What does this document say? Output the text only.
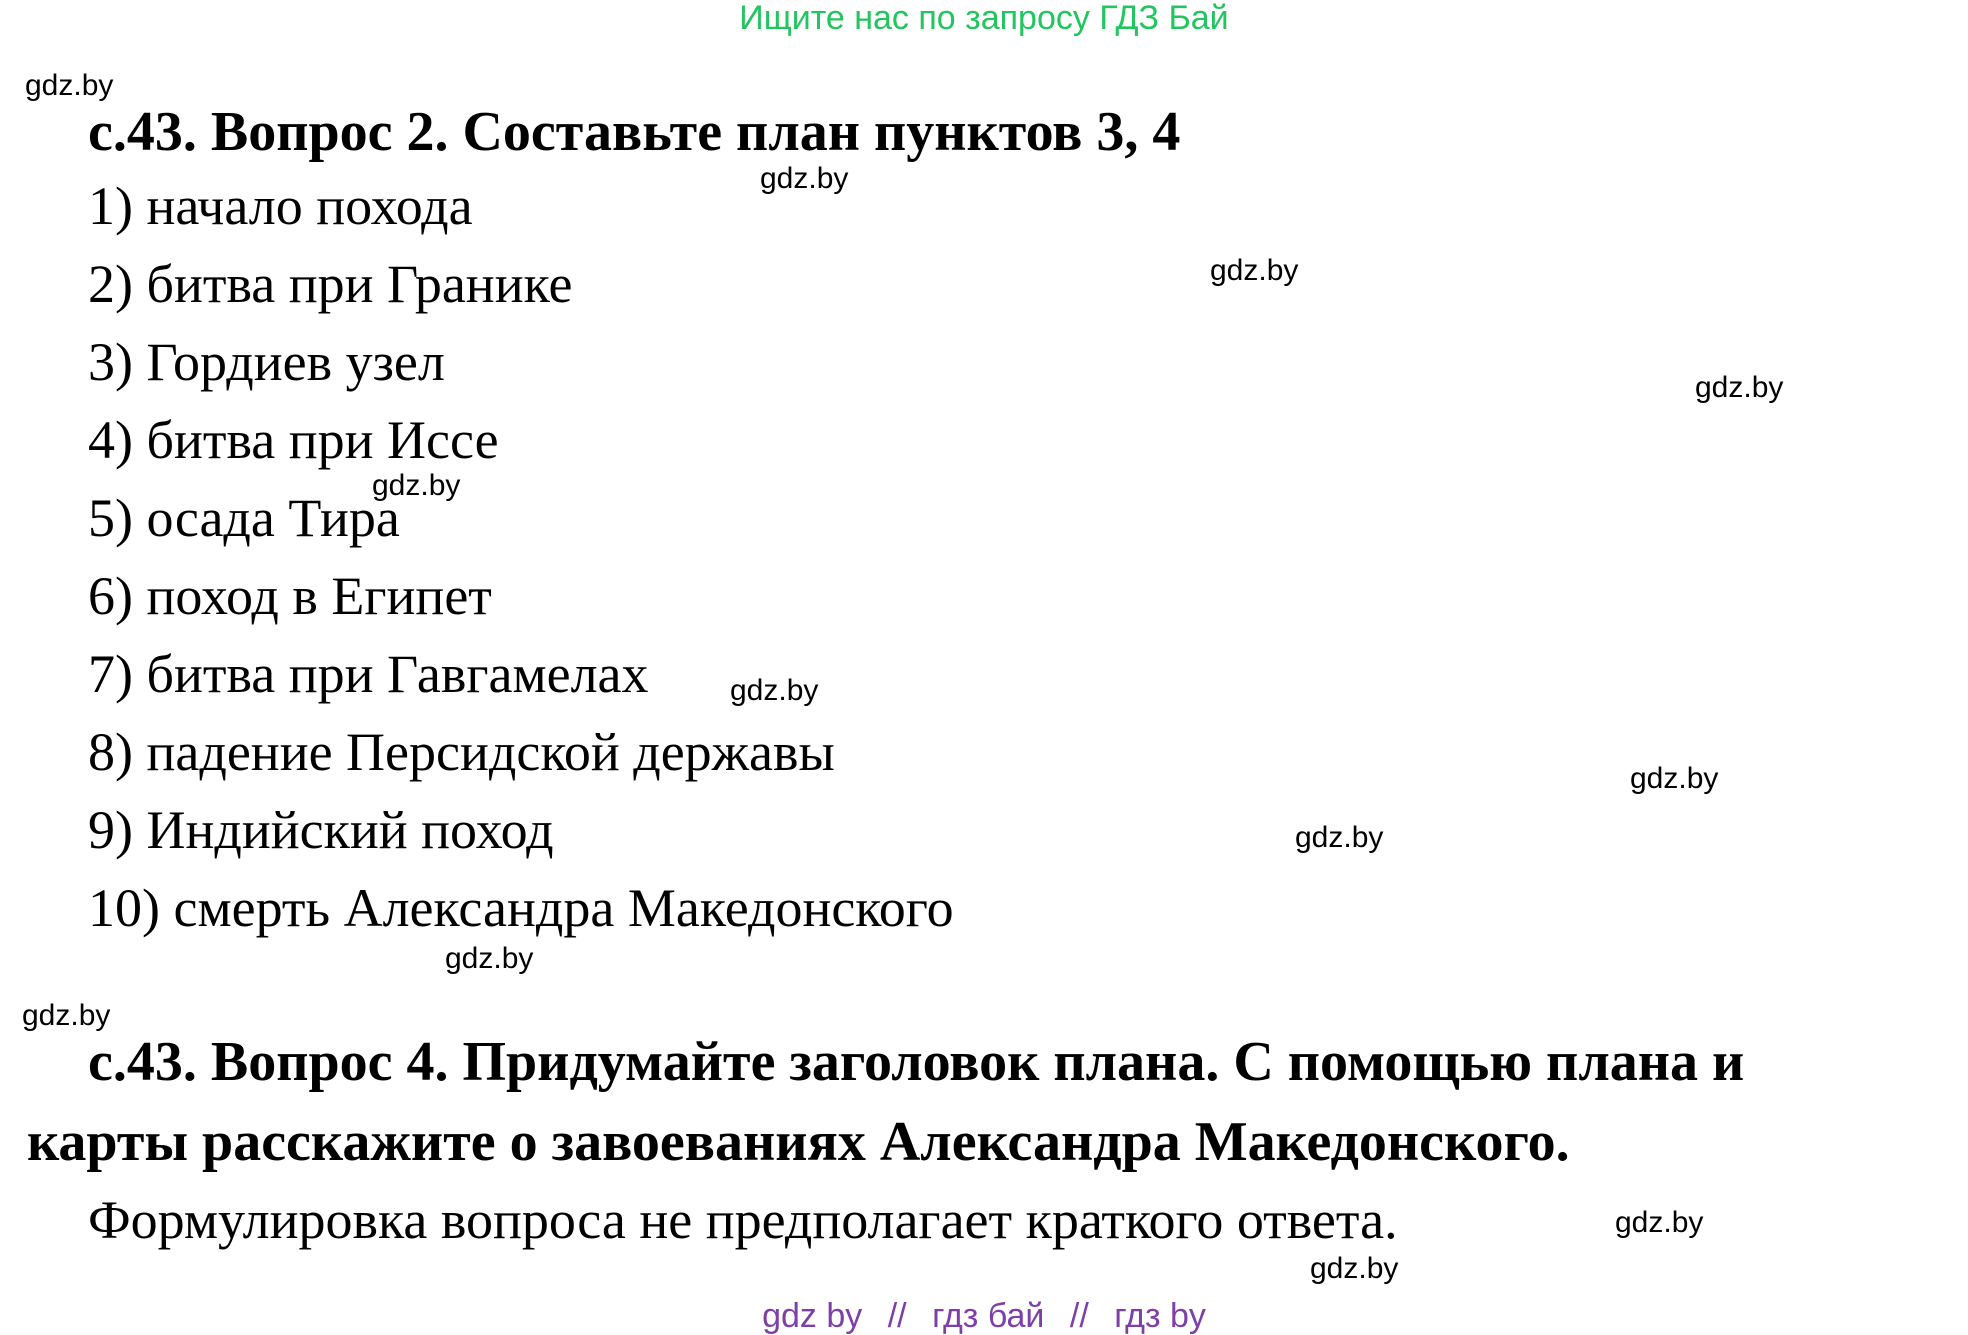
Ищите нас по запросу ГДЗ Бай
gdz.by
gdz.by
gdz.by
gdz.by
gdz.by
gdz.by
gdz.by
gdz.by
gdz.by
gdz.by
gdz.by
gdz.by
с.43. Вопрос 2. Составьте план пунктов 3, 4
1) начало похода
2) битва при Гранике
3) Гордиев узел
4) битва при Иссе
5) осада Тира
6) поход в Египет
7) битва при Гавгамелах
8) падение Персидской державы
9) Индийский поход
10) смерть Александра Македонского
с.43. Вопрос 4. Придумайте заголовок плана. С помощью плана и
карты расскажите о завоеваниях Александра Македонского.
Формулировка вопроса не предполагает краткого ответа.
gdz by // гдз бай // гдз by
